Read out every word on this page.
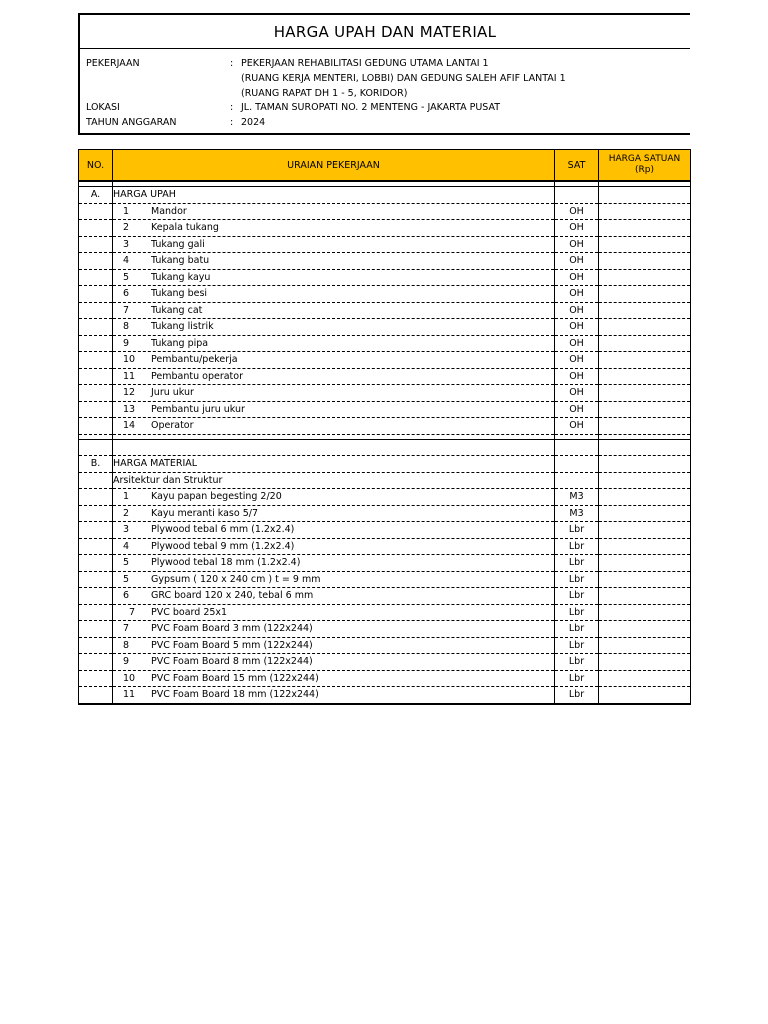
HARGA UPAH DAN MATERIAL
PEKERJAAN	: PEKERJAAN REHABILITASI GEDUNG UTAMA LANTAI 1
(RUANG KERJA MENTERI, LOBBI) DAN GEDUNG SALEH AFIF LANTAI 1
(RUANG RAPAT DH 1 - 5, KORIDOR)
LOKASI	: JL. TAMAN SUROPATI NO. 2 MENTENG - JAKARTA PUSAT
TAHUN ANGGARAN	: 2024
NO.	URAIAN PEKERJAAN	SAT	HARGA SATUAN
(Rp)

A.	HARGA UPAH		
	1 Mandor	OH	
	2 Kepala tukang	OH	
	3 Tukang gali	OH	
	4 Tukang batu	OH	
	5 Tukang kayu	OH	
	6 Tukang besi	OH	
	7 Tukang cat	OH	
	8 Tukang listrik	OH	
	9 Tukang pipa	OH	
	10 Pembantu/pekerja	OH	
	11 Pembantu operator	OH	
	12 Juru ukur	OH	
	13 Pembantu juru ukur	OH	
	14 Operator	OH	

B.	HARGA MATERIAL		
	Arsitektur dan Struktur		
	1 Kayu papan begesting 2/20	M3	
	2 Kayu meranti kaso 5/7	M3	
	3 Plywood tebal 6 mm (1.2x2.4)	Lbr	
	4 Plywood tebal 9 mm (1.2x2.4)	Lbr	
	5 Plywood tebal 18 mm (1.2x2.4)	Lbr	
	5 Gypsum ( 120 x 240 cm ) t = 9 mm	Lbr	
	6 GRC board 120 x 240, tebal 6 mm	Lbr	
	7 PVC board 25x1	Lbr	
	7 PVC Foam Board 3 mm (122x244)	Lbr	
	8 PVC Foam Board 5 mm (122x244)	Lbr	
	9 PVC Foam Board 8 mm (122x244)	Lbr	
	10 PVC Foam Board 15 mm (122x244)	Lbr	
	11 PVC Foam Board 18 mm (122x244)	Lbr	
